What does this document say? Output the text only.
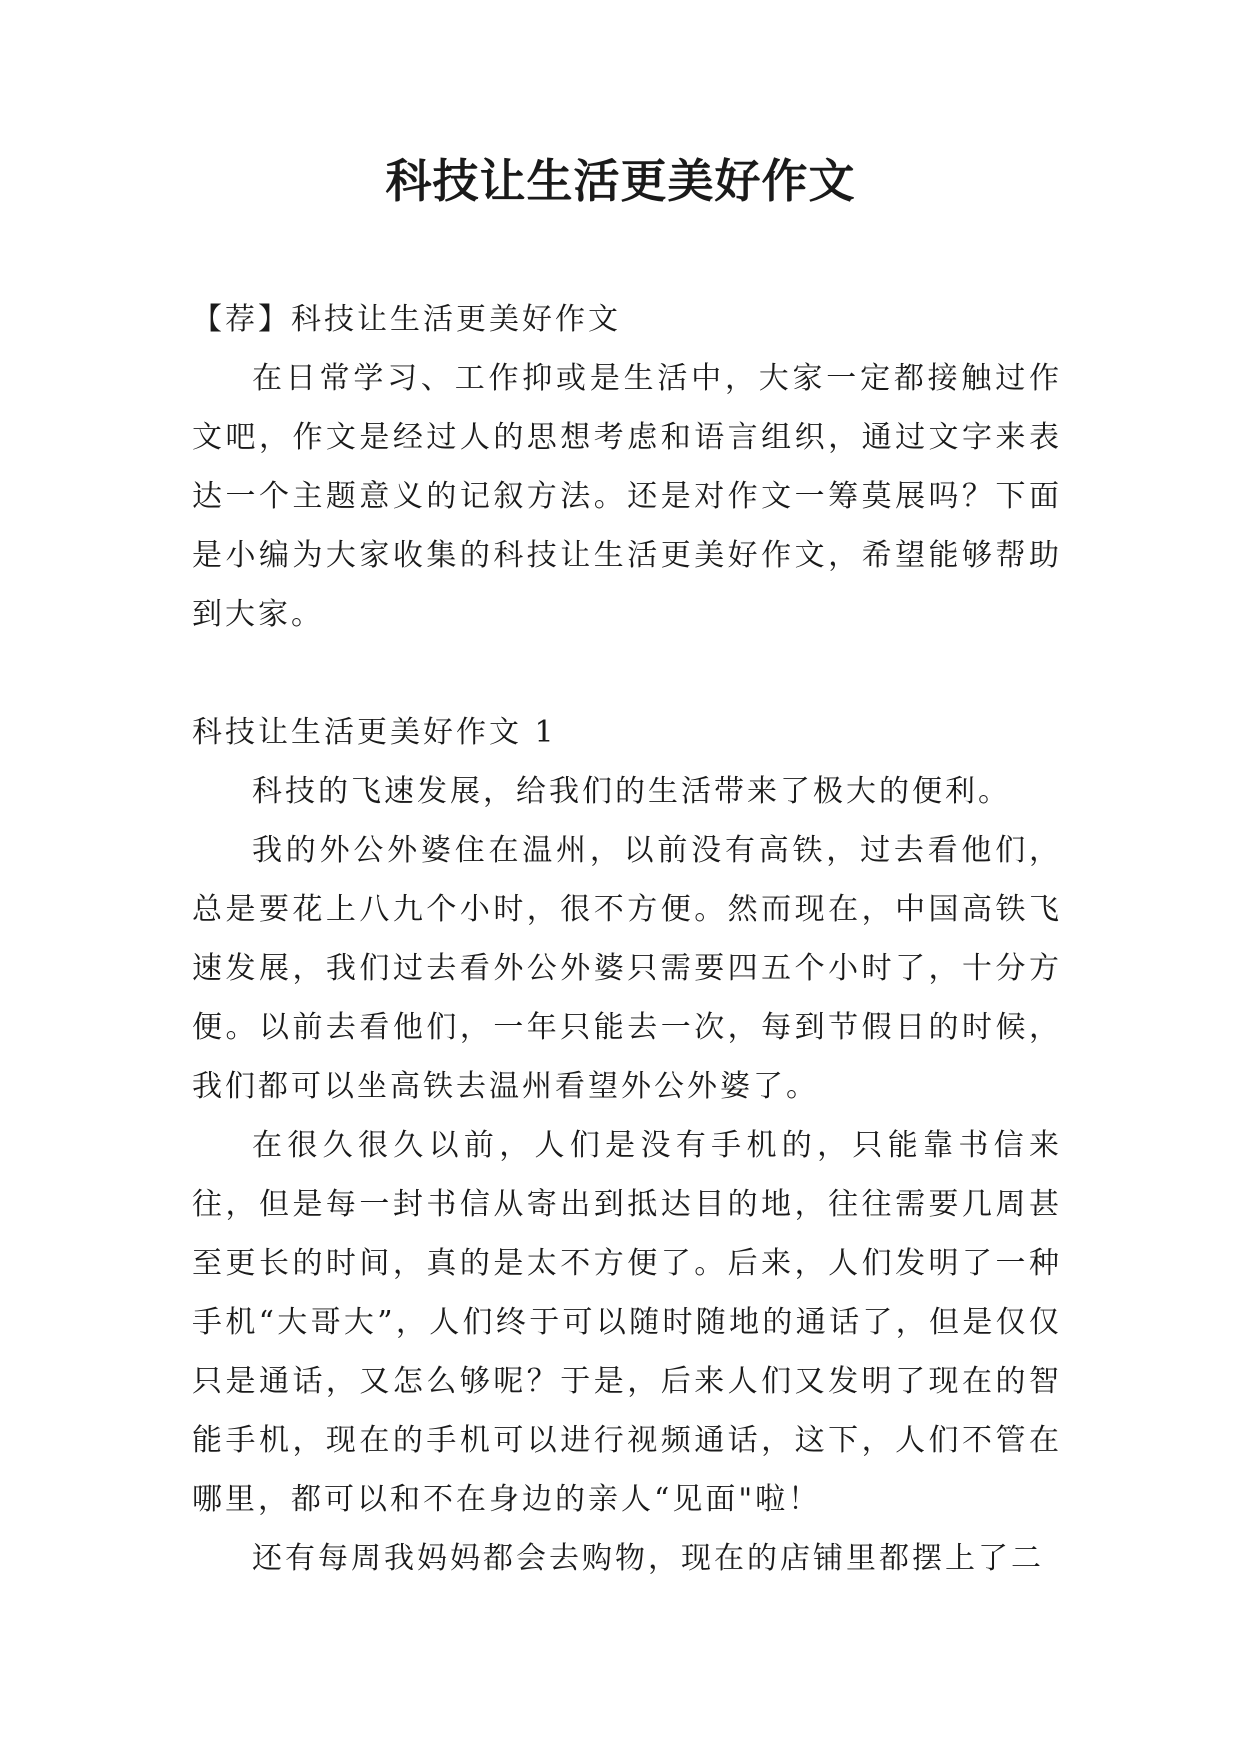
科技让生活更美好作文

【荐】科技让生活更美好作文

在日常学习、工作抑或是生活中，大家一定都接触过作文吧，作文是经过人的思想考虑和语言组织，通过文字来表达一个主题意义的记叙方法。还是对作文一筹莫展吗？下面是小编为大家收集的科技让生活更美好作文，希望能够帮助到大家。

科技让生活更美好作文 1

科技的飞速发展，给我们的生活带来了极大的便利。

我的外公外婆住在温州，以前没有高铁，过去看他们，总是要花上八九个小时，很不方便。然而现在，中国高铁飞速发展，我们过去看外公外婆只需要四五个小时了，十分方便。以前去看他们，一年只能去一次，每到节假日的时候，我们都可以坐高铁去温州看望外公外婆了。

在很久很久以前，人们是没有手机的，只能靠书信来往，但是每一封书信从寄出到抵达目的地，往往需要几周甚至更长的时间，真的是太不方便了。后来，人们发明了一种手机“大哥大”，人们终于可以随时随地的通话了，但是仅仅只是通话，又怎么够呢？于是，后来人们又发明了现在的智能手机，现在的手机可以进行视频通话，这下，人们不管在哪里，都可以和不在身边的亲人“见面"啦！

还有每周我妈妈都会去购物，现在的店铺里都摆上了二
